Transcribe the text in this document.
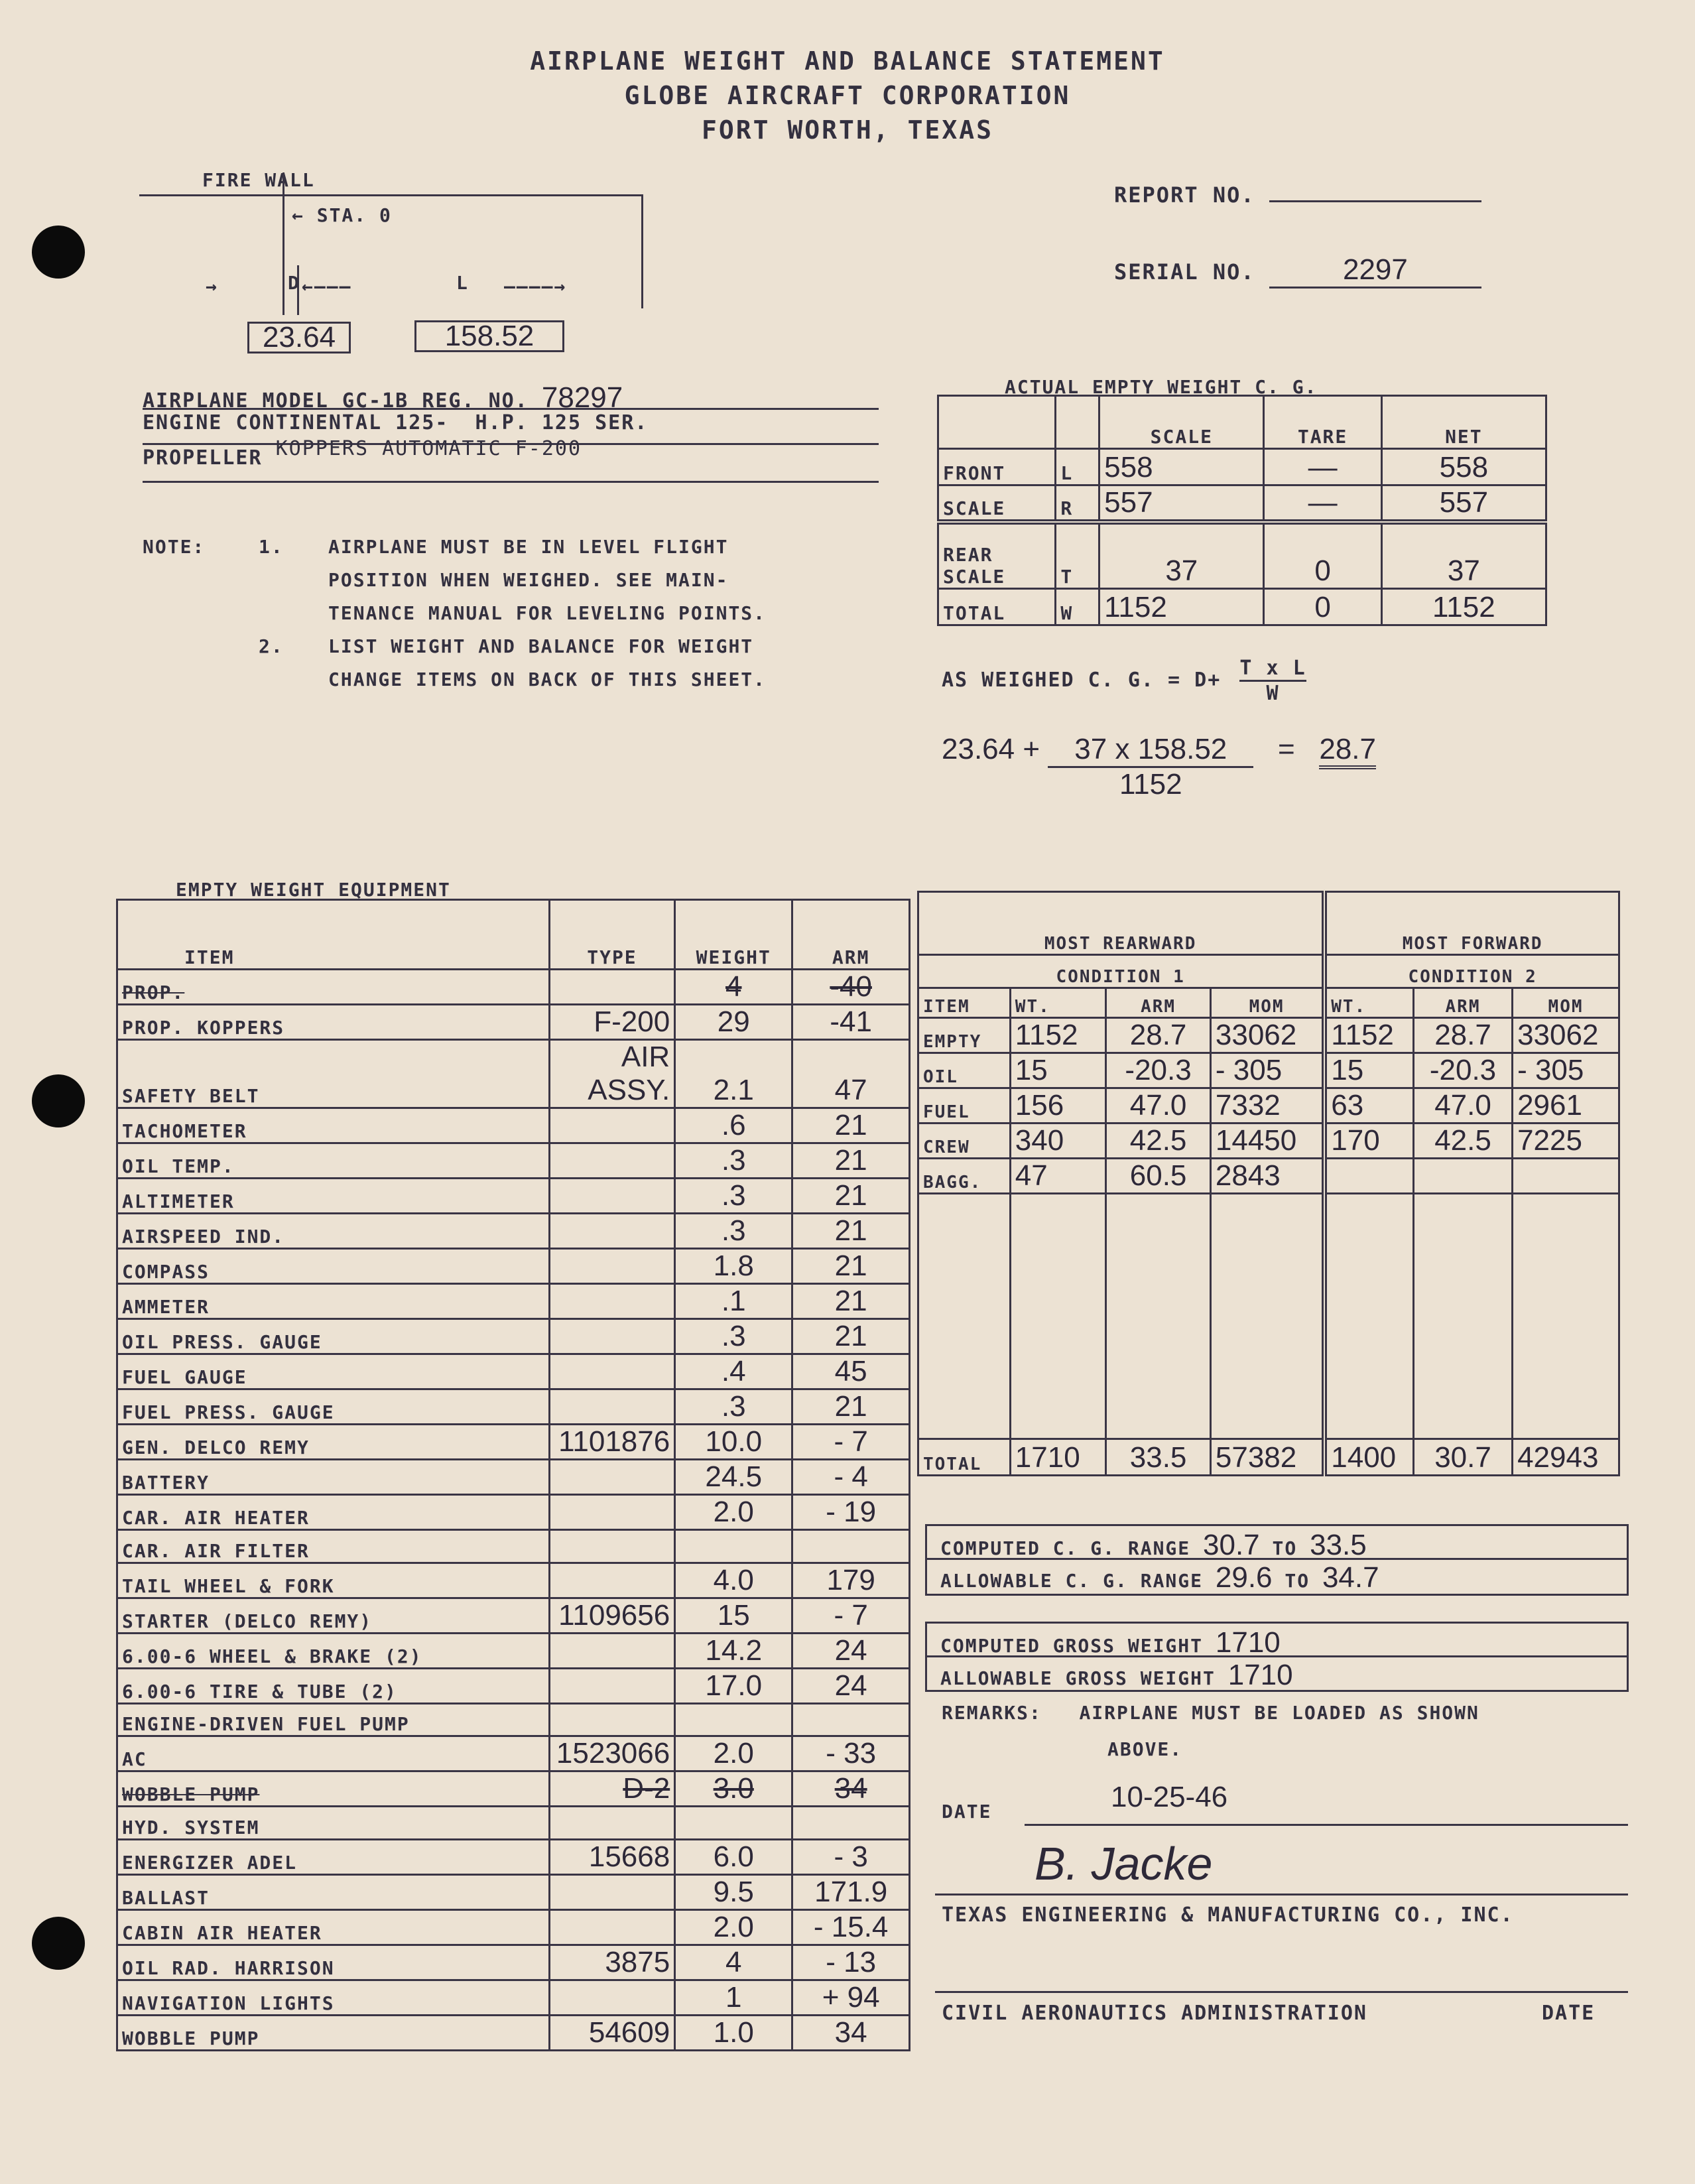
AIRPLANE WEIGHT AND BALANCE STATEMENT
GLOBE AIRCRAFT CORPORATION
FORT WORTH, TEXAS
FIRE WALL
← STA. 0
→	D ←———	L ————→
23.64	158.52
REPORT NO.
SERIAL NO.	2297
AIRPLANE MODEL GC-1B REG. NO. 78297
ENGINE CONTINENTAL 125- H.P. 125 SER.
PROPELLER KOPPERS AUTOMATIC F-200
NOTE:	1. AIRPLANE MUST BE IN LEVEL FLIGHT
POSITION WHEN WEIGHED. SEE MAIN-
TENANCE MANUAL FOR LEVELING POINTS.
2. LIST WEIGHT AND BALANCE FOR WEIGHT
CHANGE ITEMS ON BACK OF THIS SHEET.
ACTUAL EMPTY WEIGHT C. G.
		SCALE	TARE	NET
FRONT	L	558	—	558
SCALE	R	557	—	557
REAR SCALE	T	37	0	37
TOTAL	W	1152	0	1152
AS WEIGHED C. G. = $D+ \frac{\text{T x L}}{W}$
$23.64 + \frac{37 x 158.52}{1152} = 28.7$
EMPTY WEIGHT EQUIPMENT
ITEM	TYPE	WEIGHT	ARM
PROP.		4	-40
PROP. KOPPERS	F-200	29	-41
SAFETY BELT	AIR ASSY.	2.1	47
TACHOMETER		.6	21
OIL TEMP.		.3	21
ALTIMETER		.3	21
AIRSPEED IND.		.3	21
COMPASS		1.8	21
AMMETER		.1	21
OIL PRESS. GAUGE		.3	21
FUEL GAUGE		.4	45
FUEL PRESS. GAUGE		.3	21
GEN. DELCO REMY	1101876	10.0	- 7
BATTERY		24.5	- 4
CAR. AIR HEATER		2.0	- 19
CAR. AIR FILTER			
TAIL WHEEL & FORK		4.0	179
STARTER (DELCO REMY)	1109656	15	- 7
6.00-6 WHEEL & BRAKE (2)		14.2	24
6.00-6 TIRE & TUBE (2)		17.0	24
ENGINE-DRIVEN FUEL PUMP			
AC	1523066	2.0	- 33
WOBBLE PUMP	D-2	3.0	34
HYD. SYSTEM			
ENERGIZER ADEL	15668	6.0	- 3
BALLAST		9.5	171.9
CABIN AIR HEATER		2.0	- 15.4
OIL RAD. HARRISON	3875	4	- 13
NAVIGATION LIGHTS		1	+ 94
WOBBLE PUMP	54609	1.0	34
MOST REARWARD				MOST FORWARD		
CONDITION 1				CONDITION 2		
ITEM	WT.	ARM	MOM	WT.	ARM	MOM
EMPTY	1152	28.7	33062	1152	28.7	33062
OIL	15	-20.3	- 305	15	-20.3	- 305
FUEL	156	47.0	7332	63	47.0	2961
CREW	340	42.5	14450	170	42.5	7225
BAGG.	47	60.5	2843			

TOTAL	1710	33.5	57382	1400	30.7	42943
COMPUTED C. G. RANGE 30.7 TO 33.5
ALLOWABLE C. G. RANGE 29.6 TO 34.7
COMPUTED GROSS WEIGHT 1710
ALLOWABLE GROSS WEIGHT 1710
REMARKS: AIRPLANE MUST BE LOADED AS SHOWN
ABOVE.
DATE	10-25-46
B. Jacke
TEXAS ENGINEERING & MANUFACTURING CO., INC.
CIVIL AERONAUTICS ADMINISTRATION	DATE
